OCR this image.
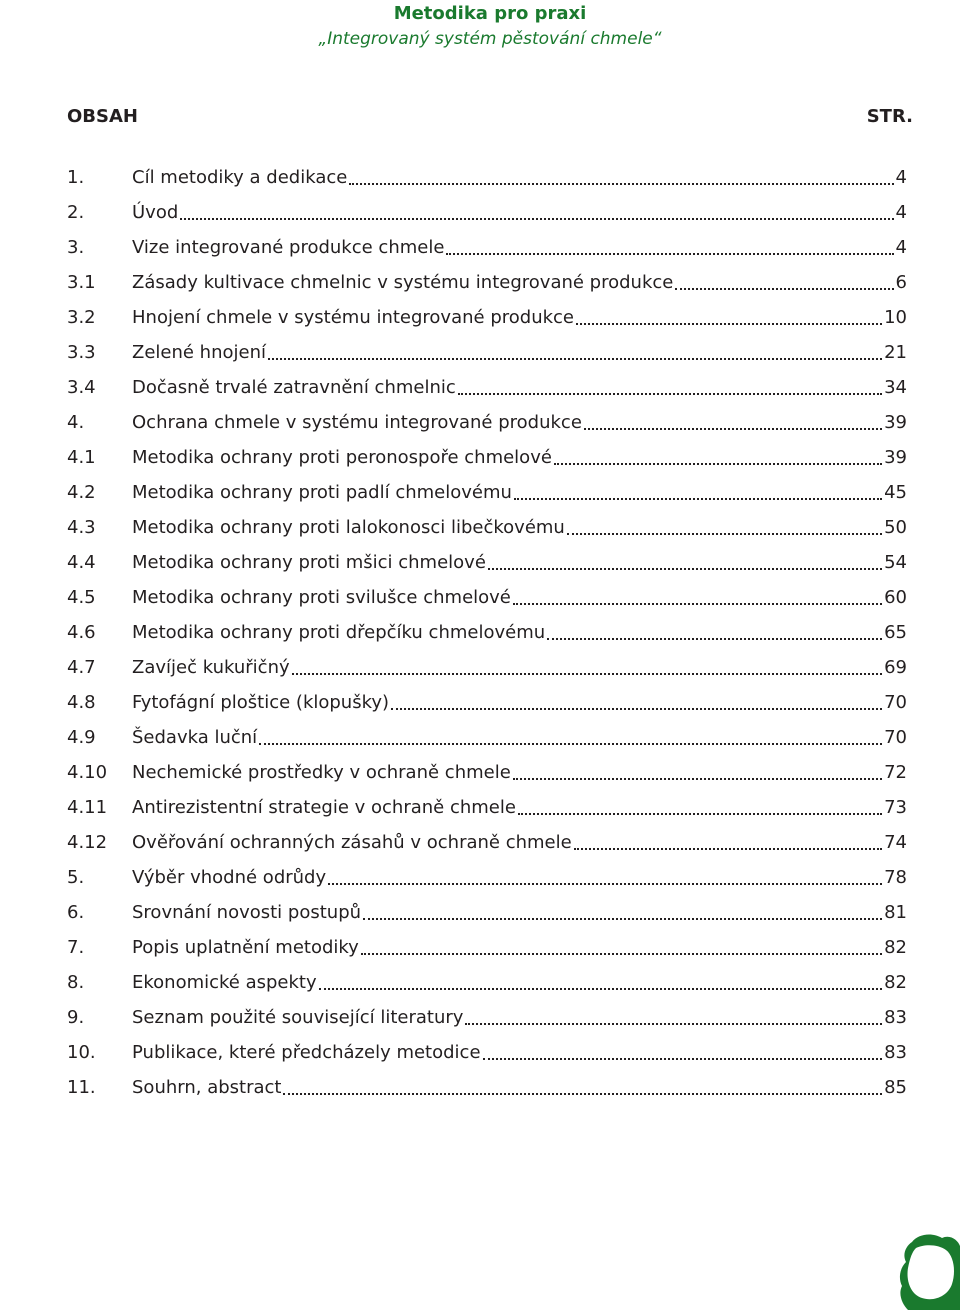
Metodika pro praxi
„Integrovaný systém pěstování chmele“
OBSAH	STR.
1.	Cíl metodiky a dedikace	4
2.	Úvod	4
3.	Vize integrované produkce chmele	4
3.1	Zásady kultivace chmelnic v systému integrované produkce	6
3.2	Hnojení chmele v systému integrované produkce	10
3.3	Zelené hnojení	21
3.4	Dočasně trvalé zatravnění chmelnic	34
4.	Ochrana chmele v systému integrované produkce	39
4.1	Metodika ochrany proti peronospoře chmelové	39
4.2	Metodika ochrany proti padlí chmelovému	45
4.3	Metodika ochrany proti lalokonosci libečkovému	50
4.4	Metodika ochrany proti mšici chmelové	54
4.5	Metodika ochrany proti svilušce chmelové	60
4.6	Metodika ochrany proti dřepčíku chmelovému	65
4.7	Zavíječ kukuřičný	69
4.8	Fytofágní ploštice (klopušky)	70
4.9	Šedavka luční	70
4.10	Nechemické prostředky v ochraně chmele	72
4.11	Antirezistentní strategie v ochraně chmele	73
4.12	Ověřování ochranných zásahů v ochraně chmele	74
5.	Výběr vhodné odrůdy	78
6.	Srovnání novosti postupů	81
7.	Popis uplatnění metodiky	82
8.	Ekonomické aspekty	82
9.	Seznam použité související literatury	83
10.	Publikace, které předcházely metodice	83
11.	Souhrn, abstract	85
5
